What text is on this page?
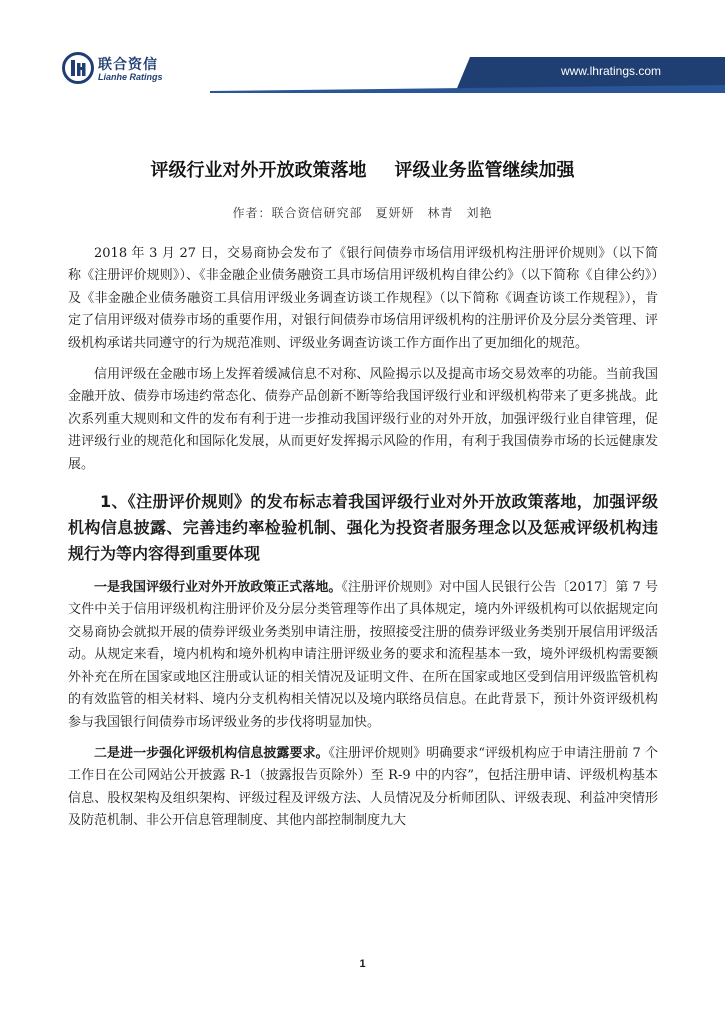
联合资信
Lianhe Ratings	www.lhratings.com
评级行业对外开放政策落地 评级业务监管继续加强
作者：联合资信研究部　夏妍妍　林青　刘艳

2018 年 3 月 27 日，交易商协会发布了《银行间债券市场信用评级机构注册评价规则》（以下简称《注册评价规则》）、《非金融企业债务融资工具市场信用评级机构自律公约》（以下简称《自律公约》）及《非金融企业债务融资工具信用评级业务调查访谈工作规程》（以下简称《调查访谈工作规程》），肯定了信用评级对债券市场的重要作用，对银行间债券市场信用评级机构的注册评价及分层分类管理、评级机构承诺共同遵守的行为规范准则、评级业务调查访谈工作方面作出了更加细化的规范。

信用评级在金融市场上发挥着缓减信息不对称、风险揭示以及提高市场交易效率的功能。当前我国金融开放、债券市场违约常态化、债券产品创新不断等给我国评级行业和评级机构带来了更多挑战。此次系列重大规则和文件的发布有利于进一步推动我国评级行业的对外开放，加强评级行业自律管理，促进评级行业的规范化和国际化发展，从而更好发挥揭示风险的作用，有利于我国债券市场的长远健康发展。

1、《注册评价规则》的发布标志着我国评级行业对外开放政策落地，加强评级机构信息披露、完善违约率检验机制、强化为投资者服务理念以及惩戒评级机构违规行为等内容得到重要体现

一是我国评级行业对外开放政策正式落地。《注册评价规则》对中国人民银行公告〔2017〕第 7 号文件中关于信用评级机构注册评价及分层分类管理等作出了具体规定，境内外评级机构可以依据规定向交易商协会就拟开展的债券评级业务类别申请注册，按照接受注册的债券评级业务类别开展信用评级活动。从规定来看，境内机构和境外机构申请注册评级业务的要求和流程基本一致，境外评级机构需要额外补充在所在国家或地区注册或认证的相关情况及证明文件、在所在国家或地区受到信用评级监管机构的有效监管的相关材料、境内分支机构相关情况以及境内联络员信息。在此背景下，预计外资评级机构参与我国银行间债券市场评级业务的步伐将明显加快。

二是进一步强化评级机构信息披露要求。《注册评价规则》明确要求“评级机构应于申请注册前 7 个工作日在公司网站公开披露 R-1（披露报告页除外）至 R-9 中的内容”，包括注册申请、评级机构基本信息、股权架构及组织架构、评级过程及评级方法、人员情况及分析师团队、评级表现、利益冲突情形及防范机制、非公开信息管理制度、其他内部控制制度九大

1
